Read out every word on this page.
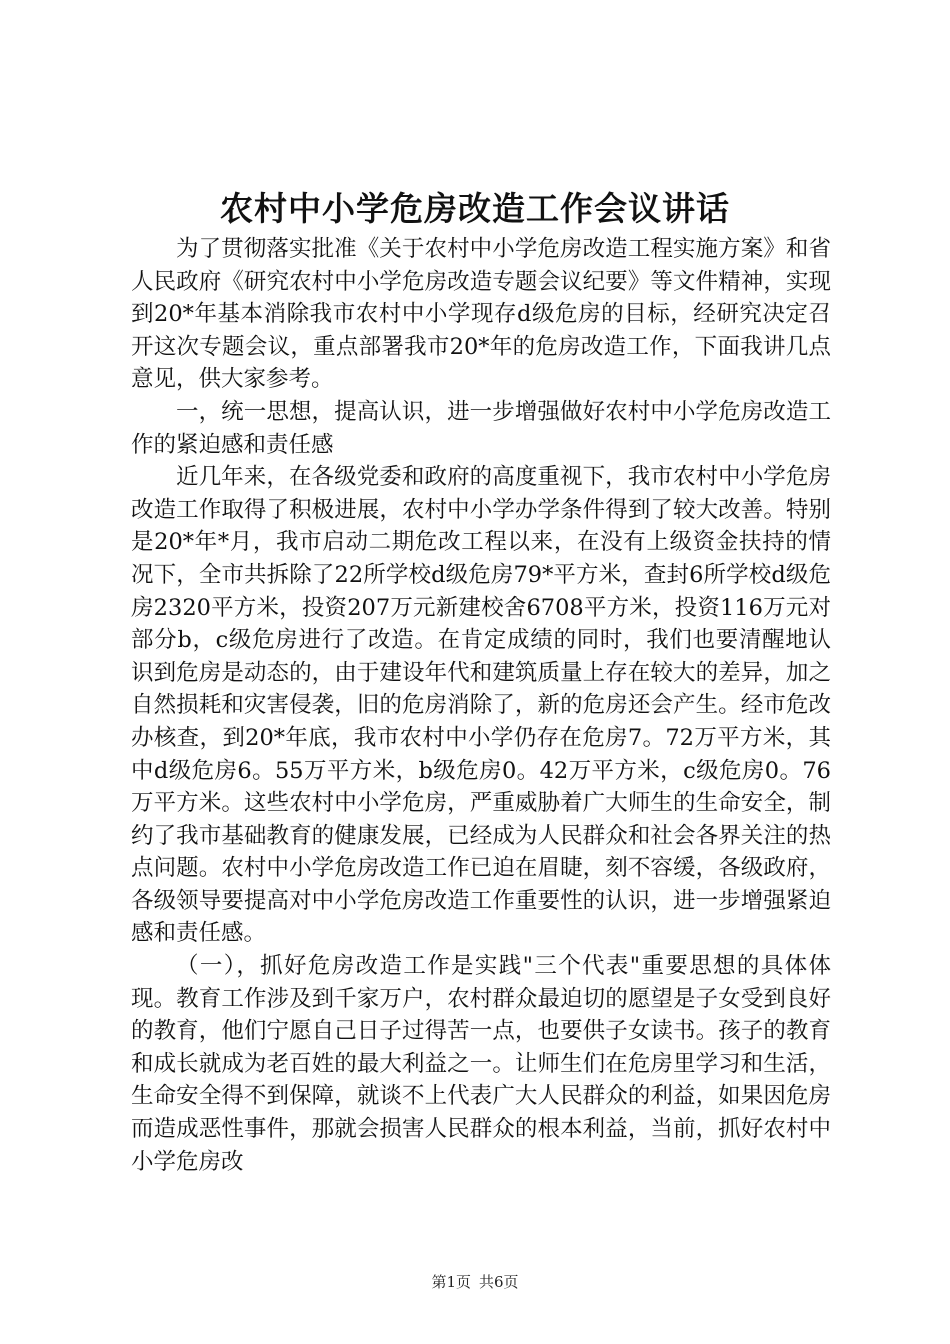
农村中小学危房改造工作会议讲话

为了贯彻落实批准《关于农村中小学危房改造工程实施方案》和省人民政府《研究农村中小学危房改造专题会议纪要》等文件精神，实现到20*年基本消除我市农村中小学现存d级危房的目标，经研究决定召开这次专题会议，重点部署我市20*年的危房改造工作，下面我讲几点意见，供大家参考。

一，统一思想，提高认识，进一步增强做好农村中小学危房改造工作的紧迫感和责任感

近几年来，在各级党委和政府的高度重视下，我市农村中小学危房改造工作取得了积极进展，农村中小学办学条件得到了较大改善。特别是20*年*月，我市启动二期危改工程以来，在没有上级资金扶持的情况下，全市共拆除了22所学校d级危房79*平方米，查封6所学校d级危房2320平方米，投资207万元新建校舍6708平方米，投资116万元对部分b，c级危房进行了改造。在肯定成绩的同时，我们也要清醒地认识到危房是动态的，由于建设年代和建筑质量上存在较大的差异，加之自然损耗和灾害侵袭，旧的危房消除了，新的危房还会产生。经市危改办核查，到20*年底，我市农村中小学仍存在危房7。72万平方米，其中d级危房6。55万平方米，b级危房0。42万平方米，c级危房0。76万平方米。这些农村中小学危房，严重威胁着广大师生的生命安全，制约了我市基础教育的健康发展，已经成为人民群众和社会各界关注的热点问题。农村中小学危房改造工作已迫在眉睫，刻不容缓，各级政府，各级领导要提高对中小学危房改造工作重要性的认识，进一步增强紧迫感和责任感。

（一），抓好危房改造工作是实践"三个代表"重要思想的具体体现。教育工作涉及到千家万户，农村群众最迫切的愿望是子女受到良好的教育，他们宁愿自己日子过得苦一点，也要供子女读书。孩子的教育和成长就成为老百姓的最大利益之一。让师生们在危房里学习和生活，生命安全得不到保障，就谈不上代表广大人民群众的利益，如果因危房而造成恶性事件，那就会损害人民群众的根本利益，当前，抓好农村中小学危房改

第1页 共6页
